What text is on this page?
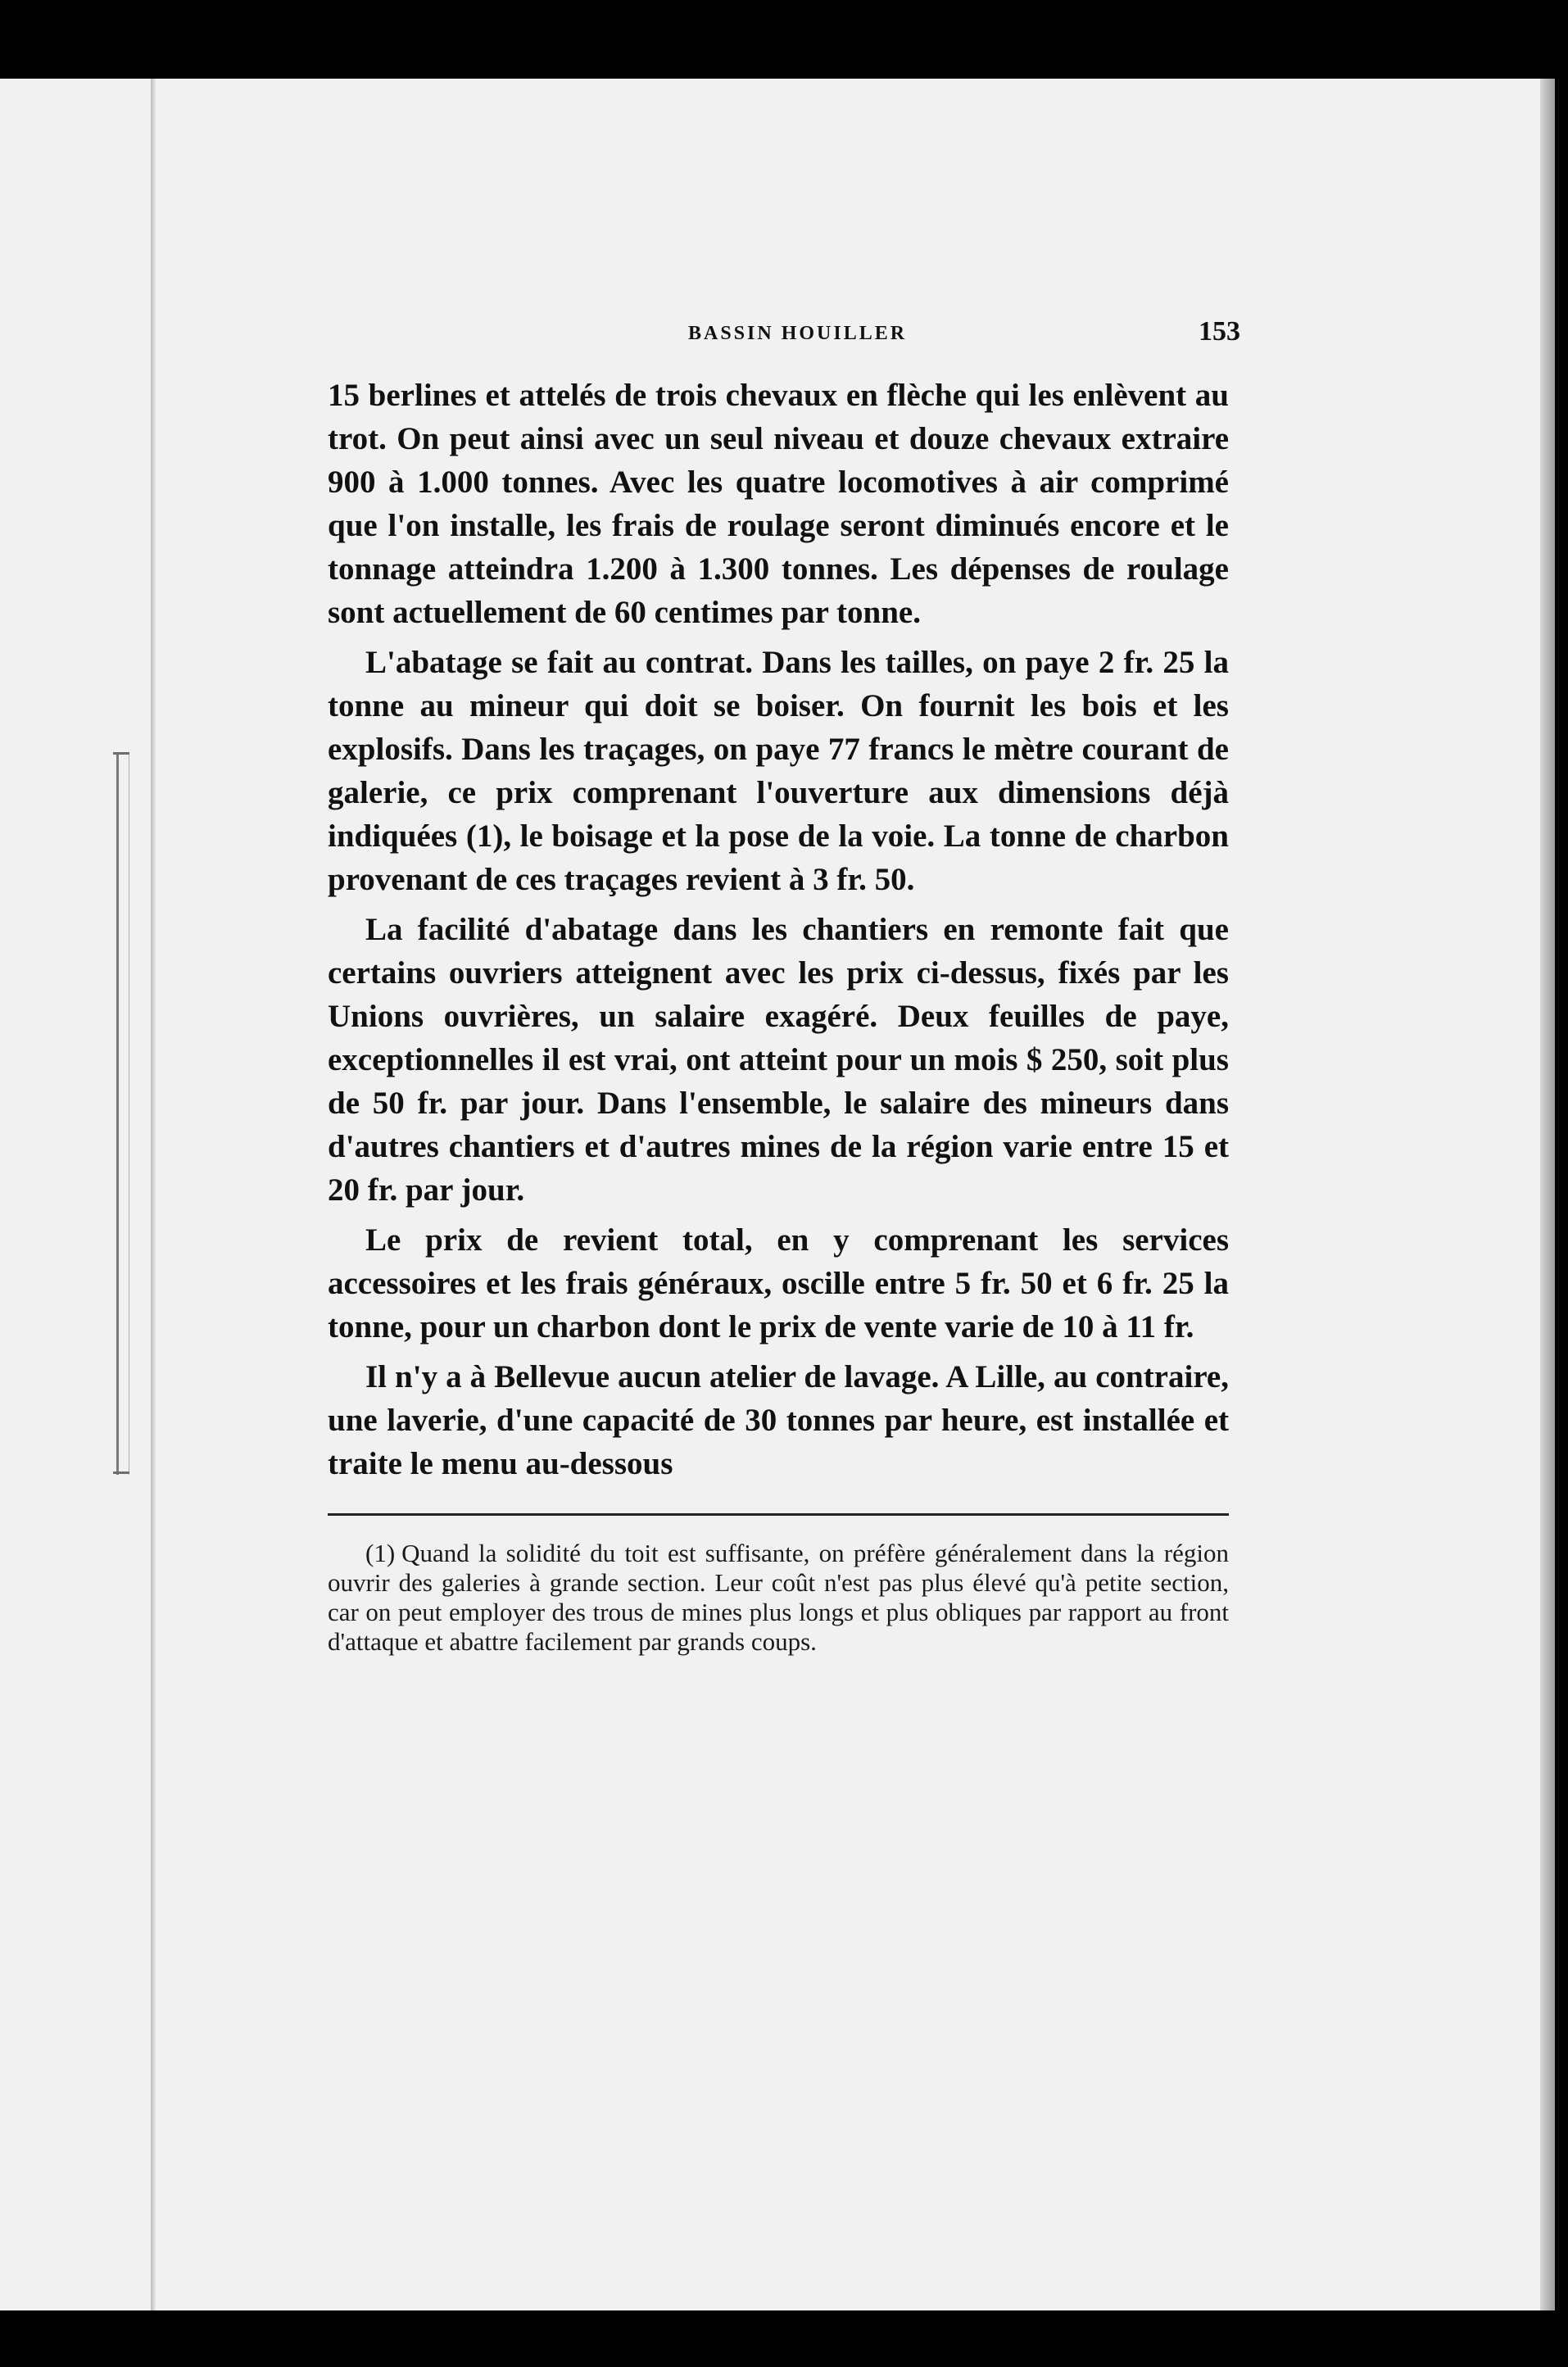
BASSIN HOUILLER	153

15 berlines et attelés de trois chevaux en flèche qui les enlèvent au trot. On peut ainsi avec un seul niveau et douze chevaux extraire 900 à 1.000 tonnes. Avec les quatre locomotives à air comprimé que l'on installe, les frais de roulage seront diminués encore et le tonnage atteindra 1.200 à 1.300 tonnes. Les dépenses de roulage sont actuellement de 60 centimes par tonne.

L'abatage se fait au contrat. Dans les tailles, on paye 2 fr. 25 la tonne au mineur qui doit se boiser. On fournit les bois et les explosifs. Dans les traçages, on paye 77 francs le mètre courant de galerie, ce prix comprenant l'ouverture aux dimensions déjà indiquées (1), le boisage et la pose de la voie. La tonne de charbon provenant de ces traçages revient à 3 fr. 50.

La facilité d'abatage dans les chantiers en remonte fait que certains ouvriers atteignent avec les prix ci-dessus, fixés par les Unions ouvrières, un salaire exagéré. Deux feuilles de paye, exceptionnelles il est vrai, ont atteint pour un mois $ 250, soit plus de 50 fr. par jour. Dans l'ensemble, le salaire des mineurs dans d'autres chantiers et d'autres mines de la région varie entre 15 et 20 fr. par jour.

Le prix de revient total, en y comprenant les services accessoires et les frais généraux, oscille entre 5 fr. 50 et 6 fr. 25 la tonne, pour un charbon dont le prix de vente varie de 10 à 11 fr.

Il n'y a à Bellevue aucun atelier de lavage. A Lille, au contraire, une laverie, d'une capacité de 30 tonnes par heure, est installée et traite le menu au-dessous

(1) Quand la solidité du toit est suffisante, on préfère généralement dans la région ouvrir des galeries à grande section. Leur coût n'est pas plus élevé qu'à petite section, car on peut employer des trous de mines plus longs et plus obliques par rapport au front d'attaque et abattre facilement par grands coups.
